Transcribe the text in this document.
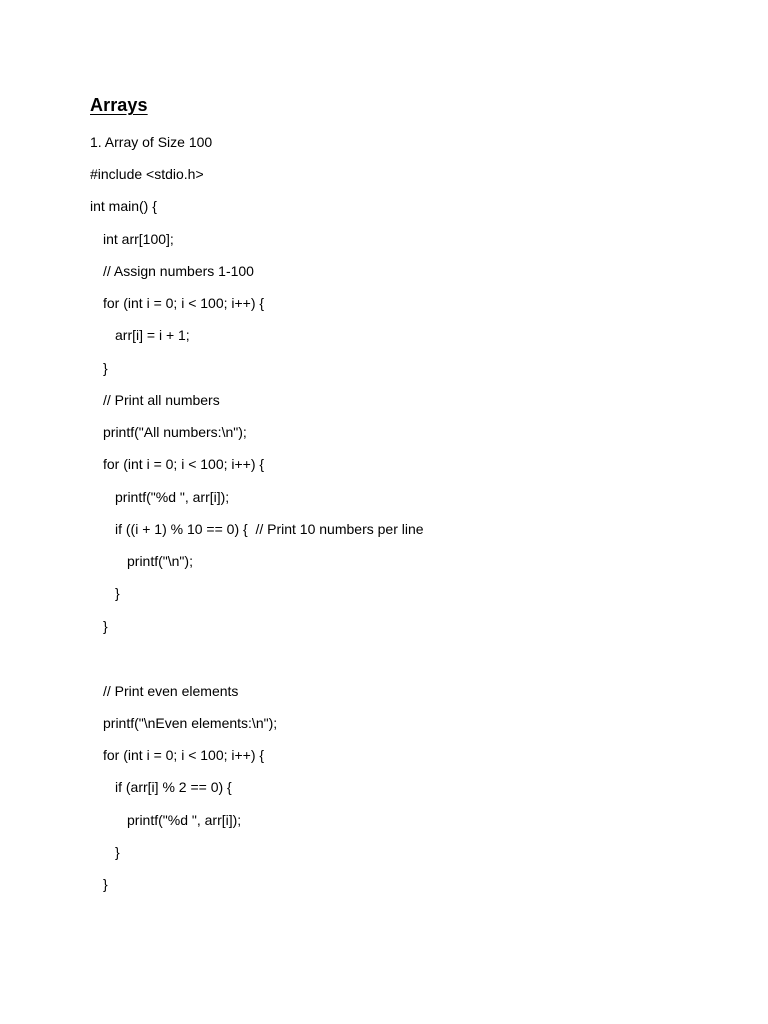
Arrays

1. Array of Size 100

#include <stdio.h>

int main() {

int arr[100];

// Assign numbers 1-100

for (int i = 0; i < 100; i++) {

arr[i] = i + 1;

}

// Print all numbers

printf("All numbers:\n");

for (int i = 0; i < 100; i++) {

printf("%d ", arr[i]);

if ((i + 1) % 10 == 0) {  // Print 10 numbers per line

printf("\n");

}

}

// Print even elements

printf("\nEven elements:\n");

for (int i = 0; i < 100; i++) {

if (arr[i] % 2 == 0) {

printf("%d ", arr[i]);

}

}
